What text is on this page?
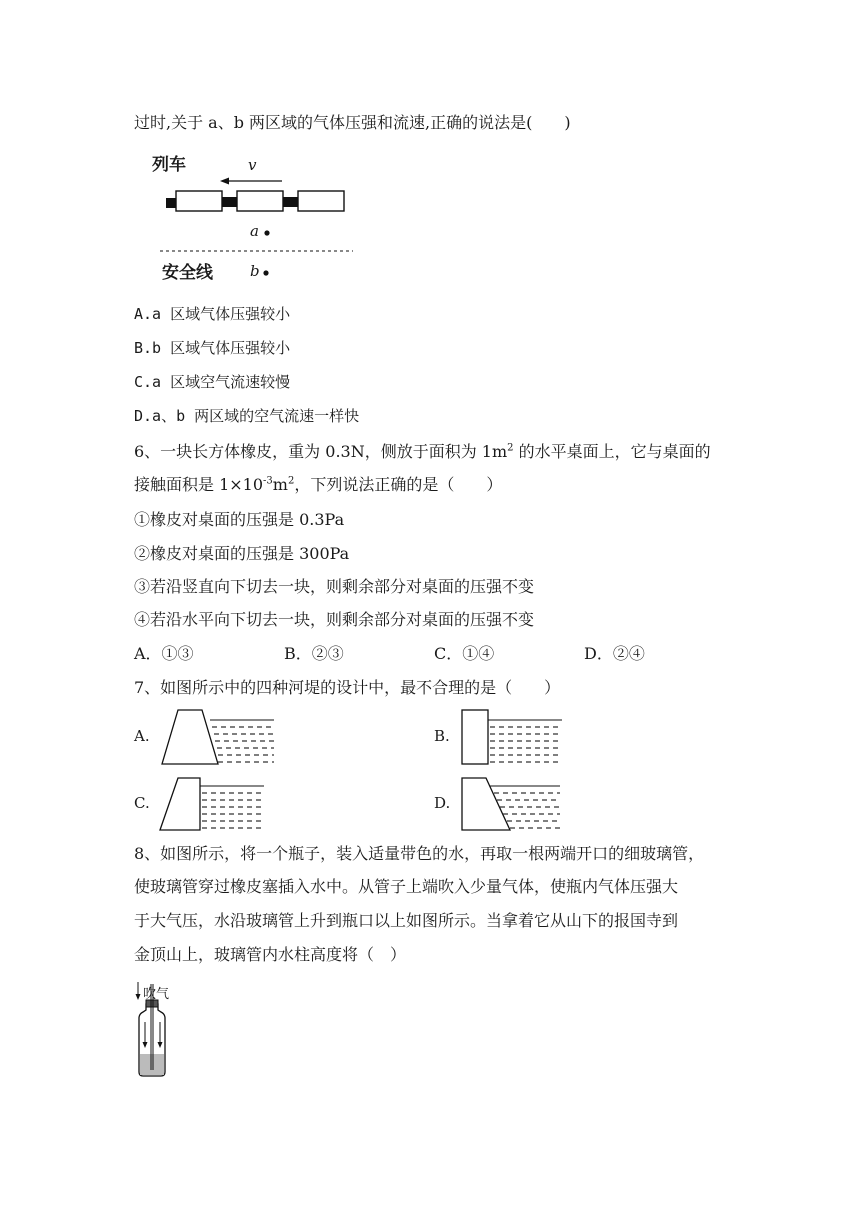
过时,关于 a、b 两区域的气体压强和流速,正确的说法是(　　)
列车	v
a
安全线 b
A.a 区域气体压强较小
B.b 区域气体压强较小
C.a 区域空气流速较慢
D.a、b 两区域的空气流速一样快
6、一块长方体橡皮，重为 0.3N，侧放于面积为 $1m^2$ 的水平桌面上，它与桌面的
接触面积是 $1\times 10^{-3}m^2$，下列说法正确的是（　　）
①橡皮对桌面的压强是 0.3Pa
②橡皮对桌面的压强是 300Pa
③若沿竖直向下切去一块，则剩余部分对桌面的压强不变
④若沿水平向下切去一块，则剩余部分对桌面的压强不变
A．①③	B．②③	C．①④	D．②④
7、如图所示中的四种河堤的设计中，最不合理的是（　　）
A.	B.
C.	D.
8、如图所示，将一个瓶子，装入适量带色的水，再取一根两端开口的细玻璃管，
使玻璃管穿过橡皮塞插入水中。从管子上端吹入少量气体，使瓶内气体压强大
于大气压，水沿玻璃管上升到瓶口以上如图所示。当拿着它从山下的报国寺到
金顶山上，玻璃管内水柱高度将（　）
吹气
